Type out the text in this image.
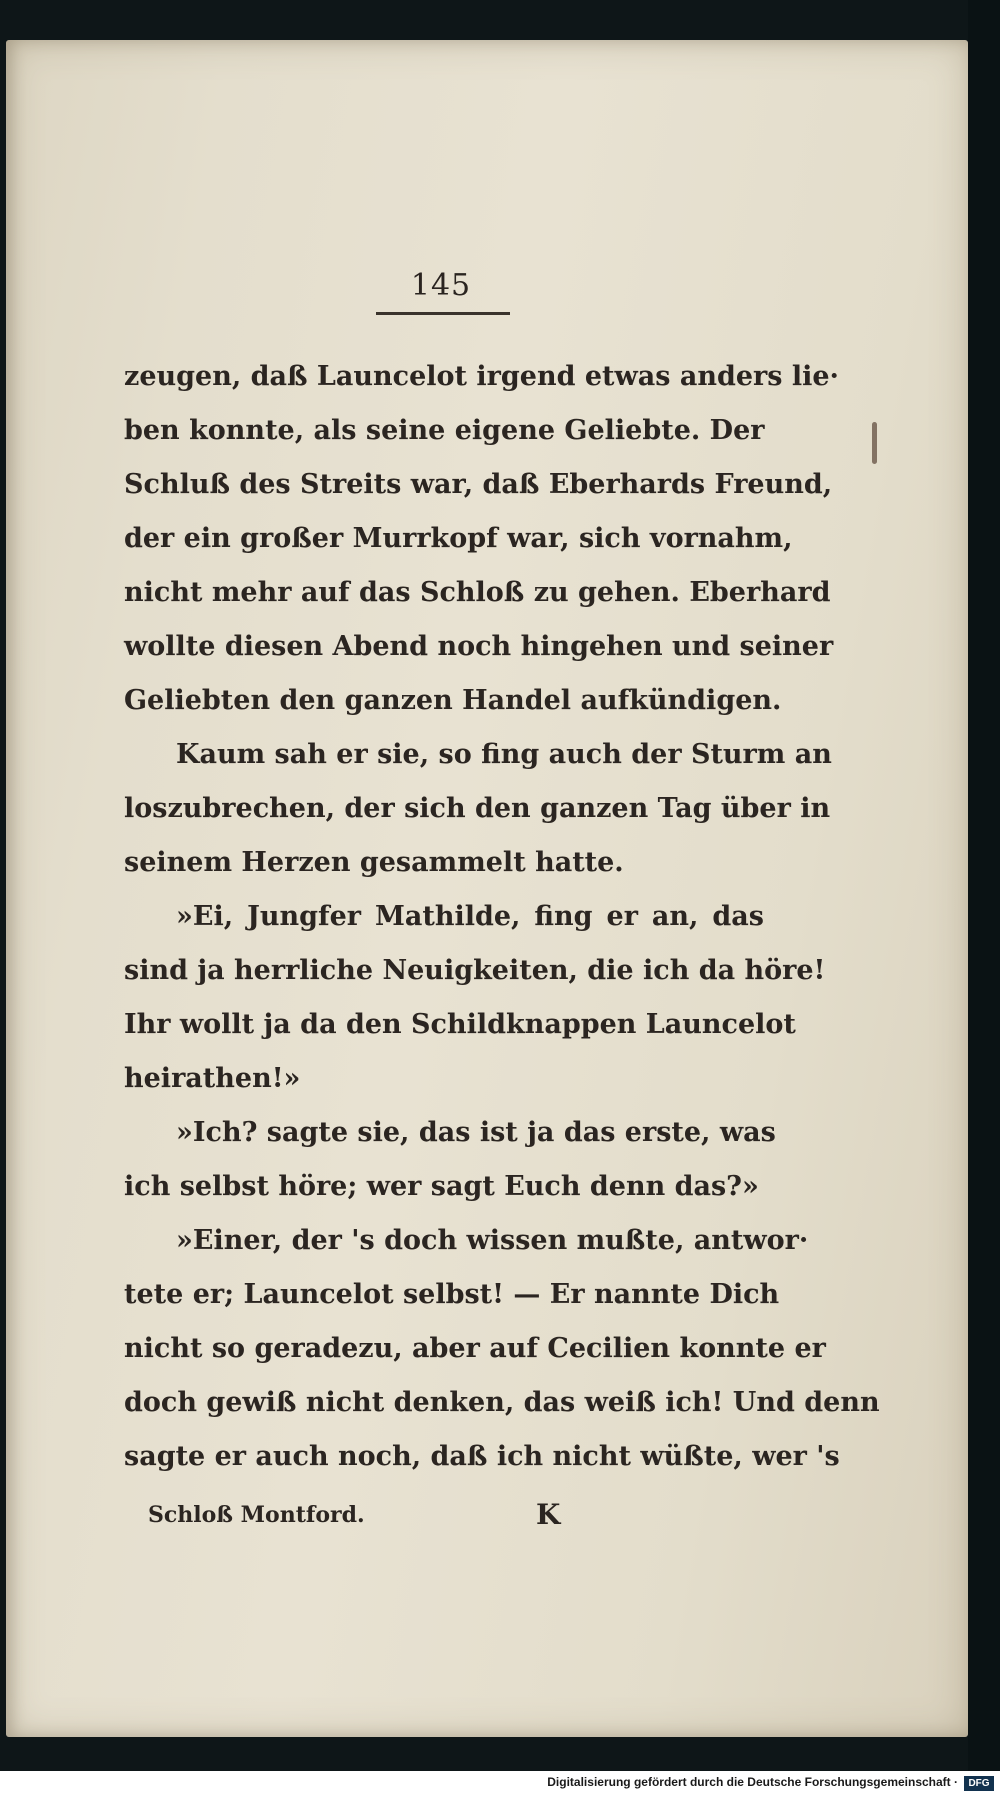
145
zeugen, daß Launcelot irgend etwas anders lie·
ben konnte, als seine eigene Geliebte. Der
Schluß des Streits war, daß Eberhards Freund,
der ein großer Murrkopf war, sich vornahm,
nicht mehr auf das Schloß zu gehen. Eberhard
wollte diesen Abend noch hingehen und seiner
Geliebten den ganzen Handel aufkündigen.
Kaum sah er sie, so fing auch der Sturm an
loszubrechen, der sich den ganzen Tag über in
seinem Herzen gesammelt hatte.
»Ei, Jungfer Mathilde, fing er an, das
sind ja herrliche Neuigkeiten, die ich da höre!
Ihr wollt ja da den Schildknappen Launcelot
heirathen!»
»Ich? sagte sie, das ist ja das erste, was
ich selbst höre; wer sagt Euch denn das?»
»Einer, der 's doch wissen mußte, antwor·
tete er; Launcelot selbst! — Er nannte Dich
nicht so geradezu, aber auf Cecilien konnte er
doch gewiß nicht denken, das weiß ich! Und denn
sagte er auch noch, daß ich nicht wüßte, wer 's
Schloß Montford.	K
Digitalisierung gefördert durch die Deutsche Forschungsgemeinschaft ·	DFG
